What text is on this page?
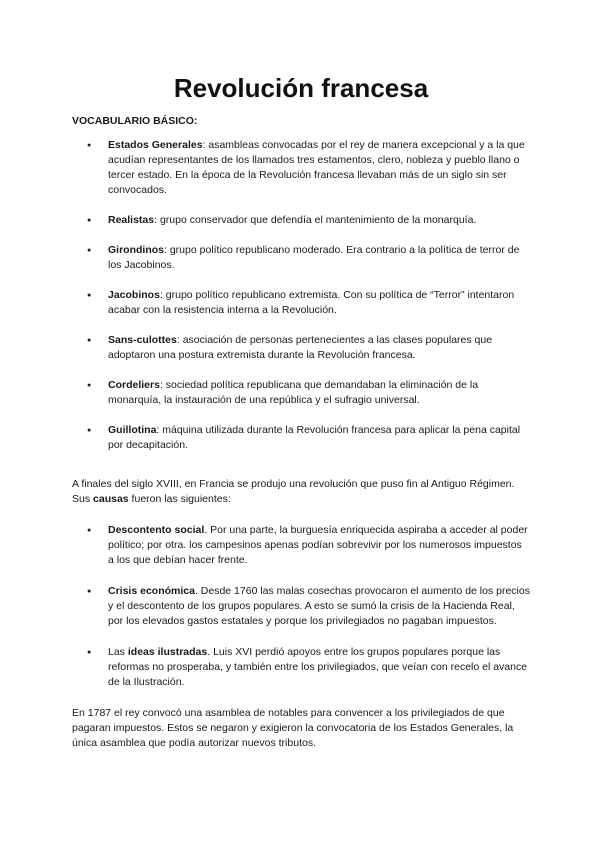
Revolución francesa
VOCABULARIO BÁSICO:
● Estados Generales: asambleas convocadas por el rey de manera excepcional y a la que acudían representantes de los llamados tres estamentos, clero, nobleza y pueblo llano o tercer estado. En la época de la Revolución francesa llevaban más de un siglo sin ser convocados.
● Realistas: grupo conservador que defendía el mantenimiento de la monarquía.
● Girondinos: grupo político republicano moderado. Era contrario a la política de terror de los Jacobinos.
● Jacobinos: grupo político republicano extremista. Con su política de “Terror” intentaron acabar con la resistencia interna a la Revolución.
● Sans-culottes: asociación de personas pertenecientes a las clases populares que adoptaron una postura extremista durante la Revolución francesa.
● Cordeliers: sociedad política republicana que demandaban la eliminación de la monarquía, la instauración de una república y el sufragio universal.
● Guillotina: máquina utilizada durante la Revolución francesa para aplicar la pena capital por decapitación.

A finales del siglo XVIII, en Francia se produjo una revolución que puso fin al Antiguo Régimen. Sus causas fueron las siguientes:

● Descontento social. Por una parte, la burguesía enriquecida aspiraba a acceder al poder político; por otra. los campesinos apenas podían sobrevivir por los numerosos impuestos a los que debían hacer frente.
● Crisis económica. Desde 1760 las malas cosechas provocaron el aumento de los precios y el descontento de los grupos populares. A esto se sumó la crisis de la Hacienda Real, por los elevados gastos estatales y porque los privilegiados no pagaban impuestos.
● Las ideas ilustradas. Luis XVI perdió apoyos entre los grupos populares porque las reformas no prosperaba, y también entre los privilegiados, que veían con recelo el avance de la Ilustración.

En 1787 el rey convocó una asamblea de notables para convencer a los privilegiados de que pagaran impuestos. Estos se negaron y exigieron la convocatoria de los Estados Generales, la única asamblea que podía autorizar nuevos tributos.
